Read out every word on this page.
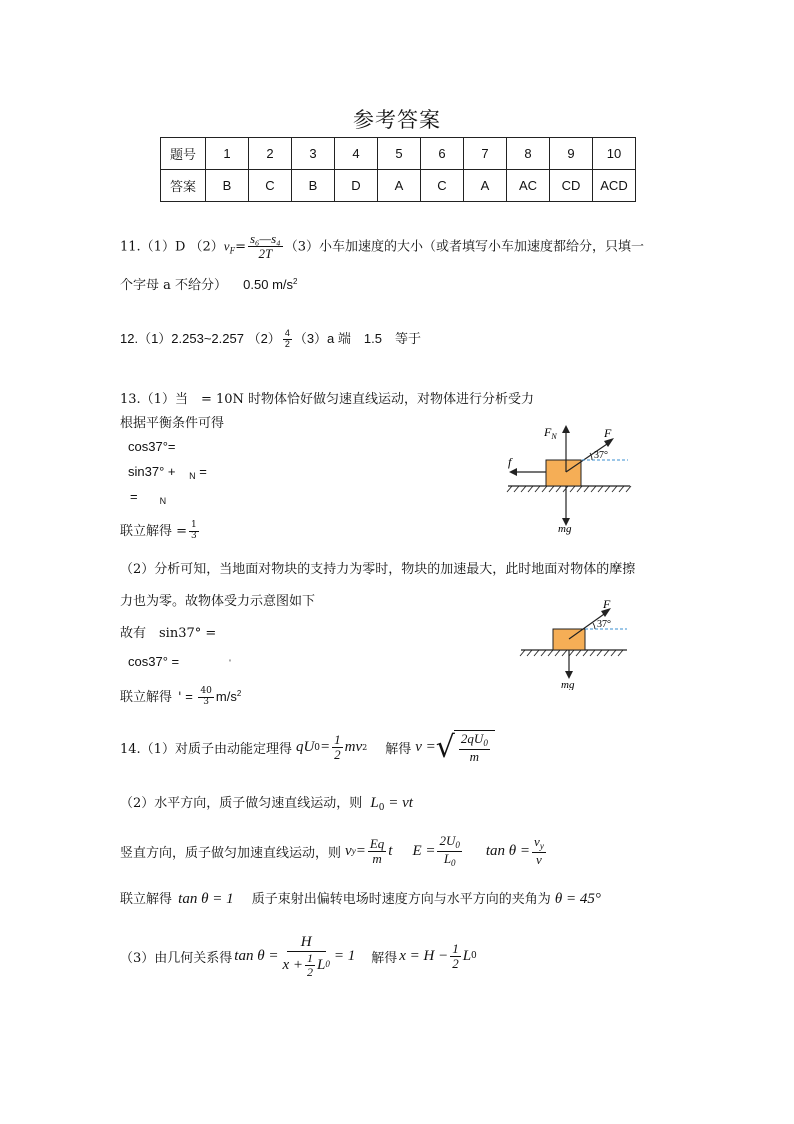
参考答案
题号	1	2	3	4	5	6	7	8	9	10
答案	B	C	B	D	A	C	A	AC	CD	ACD
11.（1）D $(2)v_F= \frac{\text{s₆—s₄}}{2T} (3)$小车加速度的大小（或者填写小车加速度都给分，只填一
个字母 a 不给分） 0.50 $m/s^2$
12.（1）2.253~2.257 $(2) \frac{4}{2} (3)a$ 端　1.5　等于
13.（1）当　= 10N 时物体恰好做匀速直线运动，对物体进行分析受力
根据平衡条件可得
cos37°=
sin37° + $_N$ =
= $_N$
联立解得 = $\frac{1}{3}$
37°
$F_N$	F
f
mg
（2）分析可知，当地面对物块的支持力为零时，物块的加速最大，此时地面对物体的摩擦
力也为零。故物体受力示意图如下
故有　sin37° =
cos37° =	'
联立解得 ' = $\frac{40}{3} m/s^2$
37°
F
mg
14.（1）对质子由动能定理得 qU $0 = \frac{1}{2}$ mv 2 解得 v = √ $\frac{2qU_0}{m}$
（2）水平方向，质子做匀速直线运动，则 $L_0$ = vt
竖直方向，质子做匀加速直线运动，则 v $y = \frac{Eq}{m}$ t $E = \frac{2U_0}{L_0}$ $\tan \theta = \frac{v_y}{v}$
联立解得 tan θ = 1 质子束射出偏转电场时速度方向与水平方向的夹角为 θ = 45°
（3）由几何关系得 $\tan \theta = \frac{H}{x + \frac{1}{2} L 0} = 1$ 解得 $x = H - \frac{1}{2}$ L 0
